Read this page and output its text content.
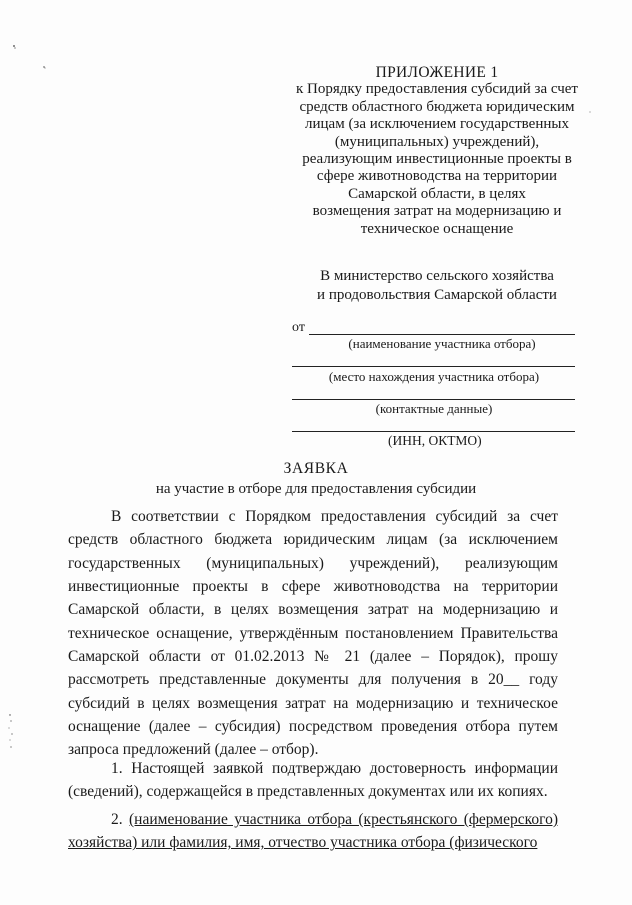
ПРИЛОЖЕНИЕ 1
к Порядку предоставления субсидий за счет
средств областного бюджета юридическим
лицам (за исключением государственных
(муниципальных) учреждений),
реализующим инвестиционные проекты в
сфере животноводства на территории
Самарской области, в целях
возмещения затрат на модернизацию и
техническое оснащение
В министерство сельского хозяйства
и продовольствия Самарской области
от
(наименование участника отбора)
(место нахождения участника отбора)
(контактные данные)
(ИНН, ОКТМО)
ЗАЯВКА
на участие в отборе для предоставления субсидии

В соответствии с Порядком предоставления субсидий за счет средств областного бюджета юридическим лицам (за исключением государственных (муниципальных) учреждений), реализующим инвестиционные проекты в сфере животноводства на территории Самарской области, в целях возмещения затрат на модернизацию и техническое оснащение, утверждённым постановлением Правительства Самарской области от 01.02.2013 № 21 (далее – Порядок), прошу рассмотреть представленные документы для получения в 20__ году субсидий в целях возмещения затрат на модернизацию и техническое оснащение (далее – субсидия) посредством проведения отбора путем запроса предложений (далее – отбор).

1. Настоящей заявкой подтверждаю достоверность информации (сведений), содержащейся в представленных документах или их копиях.
2. (наименование участника отбора (крестьянского (фермерского) хозяйства) или фамилия, имя, отчество участника отбора (физического
